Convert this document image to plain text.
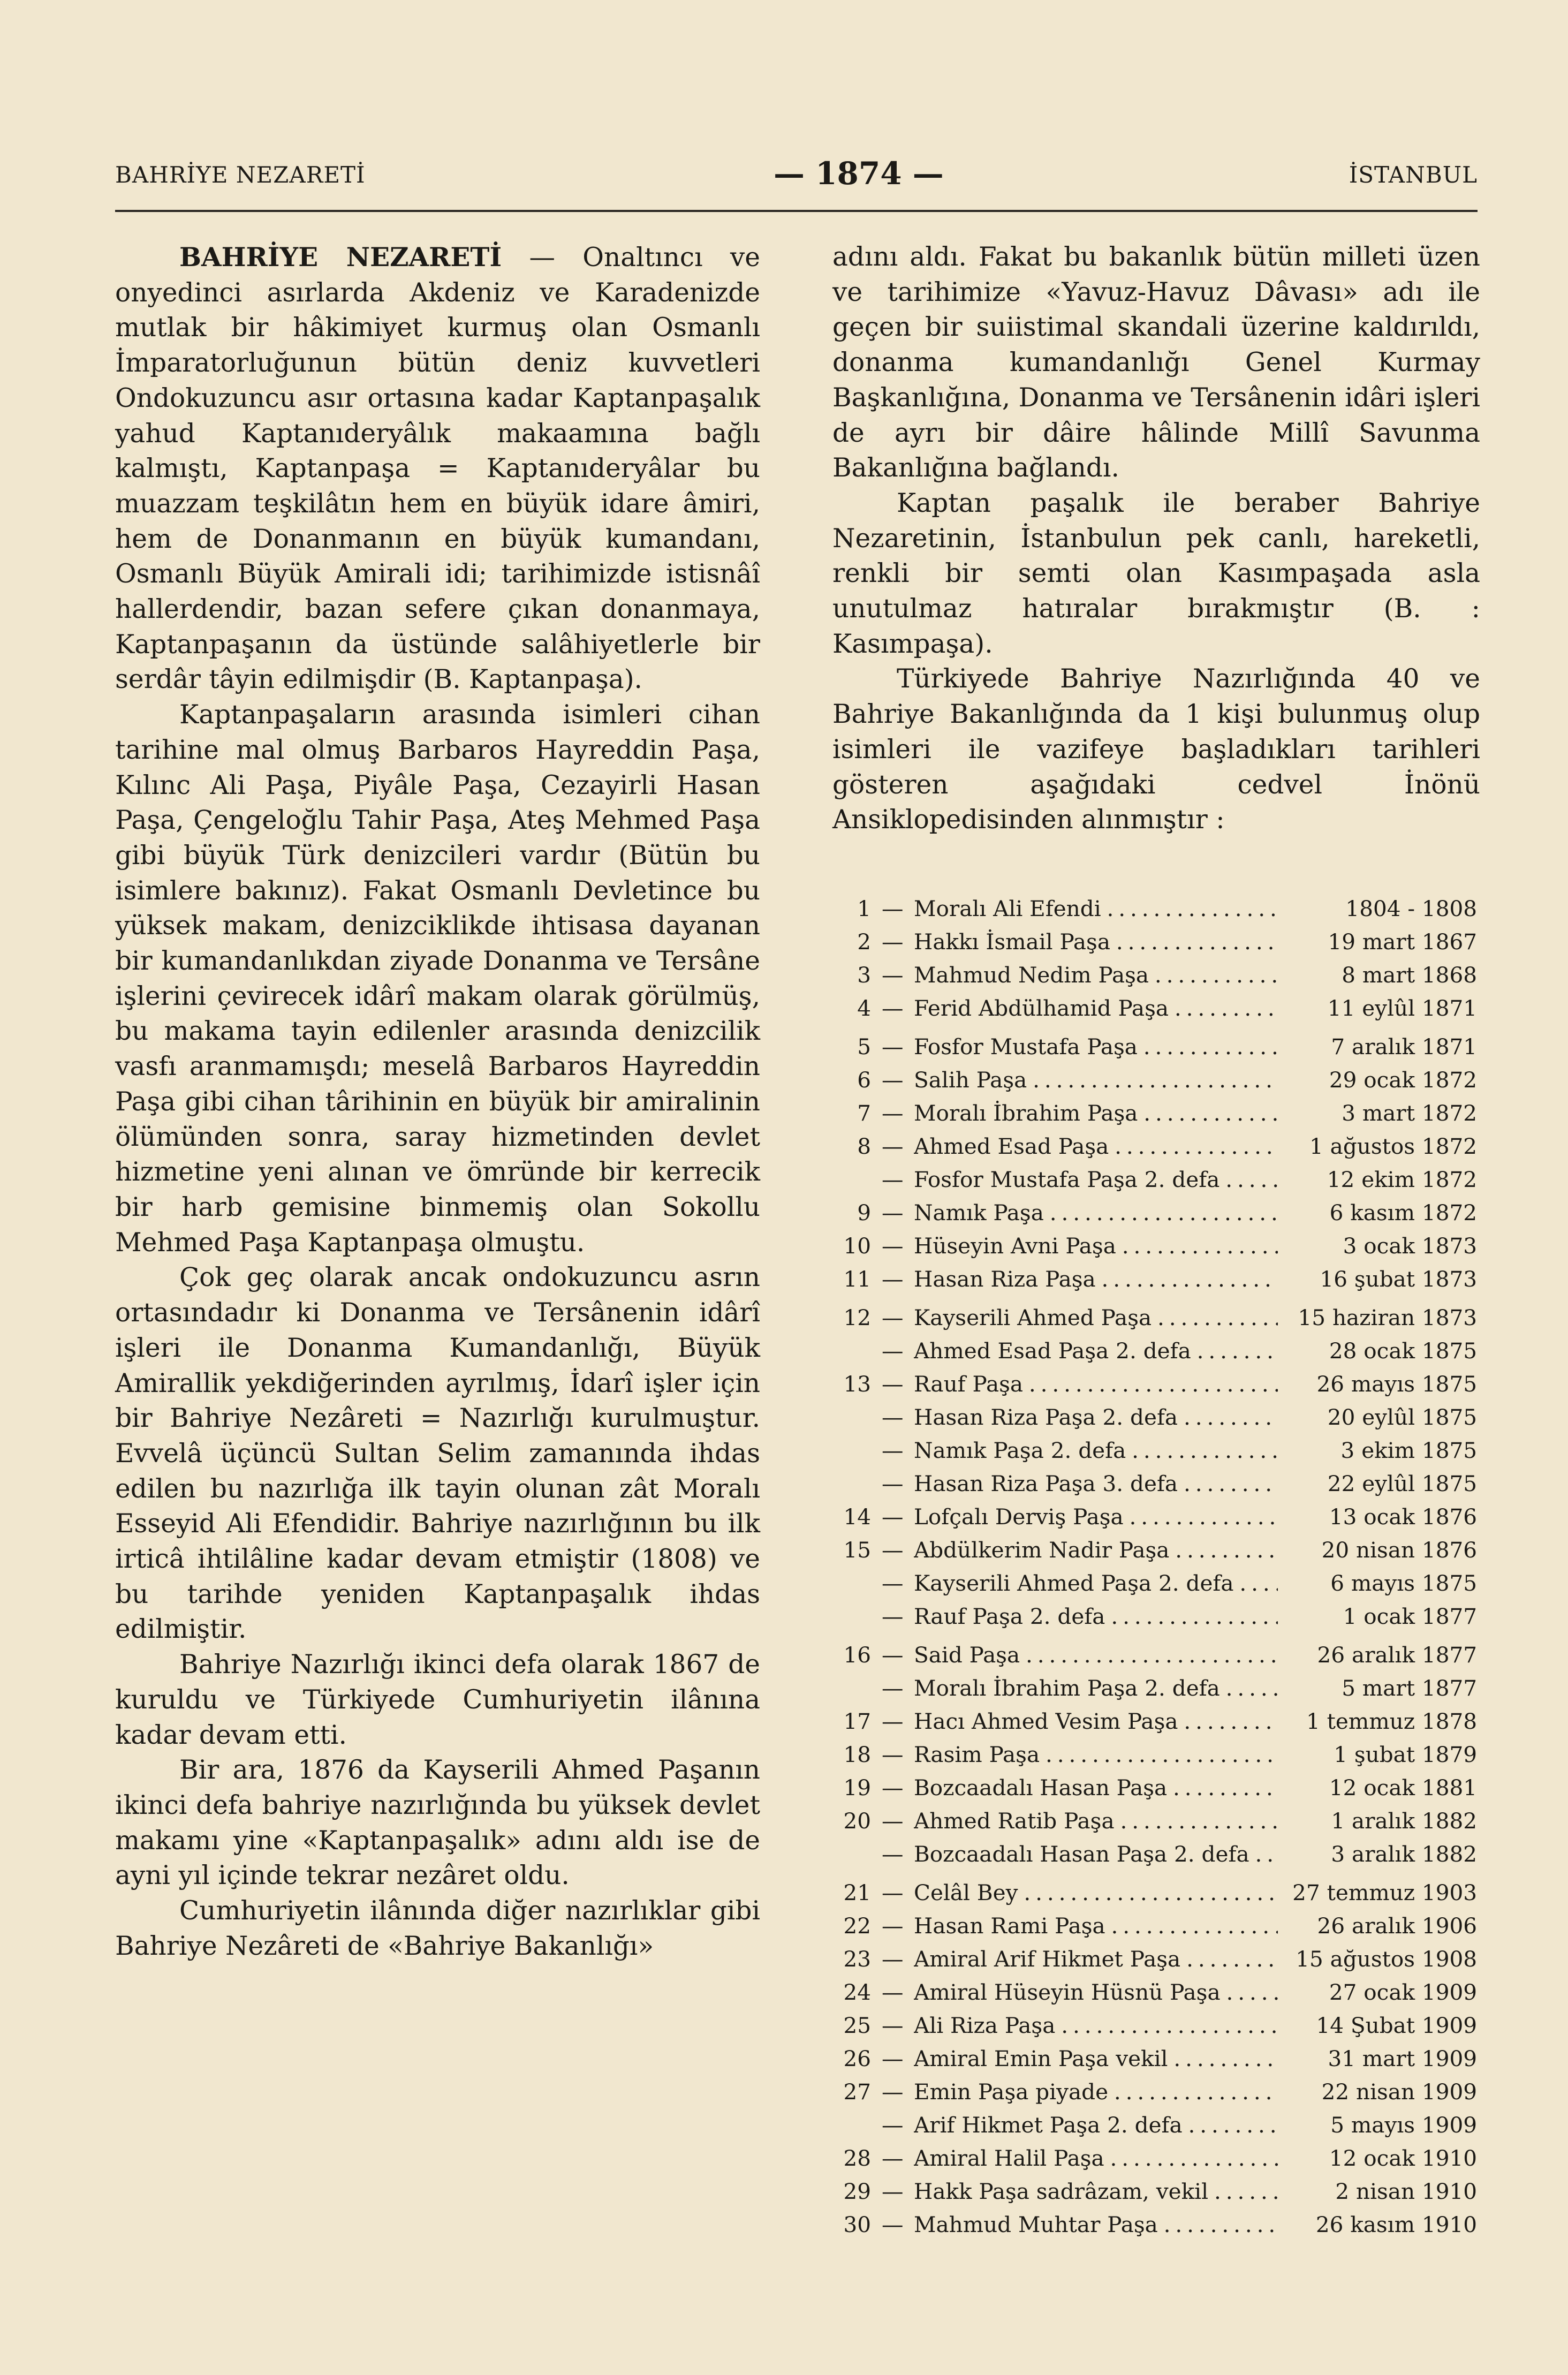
BAHRİYE NEZARETİ	— 1874 —	İSTANBUL

BAHRİYE NEZARETİ — Onaltıncı ve onyedinci asırlarda Akdeniz ve Karadenizde mutlak bir hâkimiyet kurmuş olan Osmanlı İmparatorluğunun bütün deniz kuvvetleri Ondokuzuncu asır ortasına kadar Kaptanpaşalık yahud Kaptanıderyâlık makaamına bağlı kalmıştı, Kaptanpaşa = Kaptanıderyâlar bu muazzam teşkilâtın hem en büyük idare âmiri, hem de Donanmanın en büyük kumandanı, Osmanlı Büyük Amirali idi; tarihimizde istisnâî hallerdendir, bazan sefere çıkan donanmaya, Kaptanpaşanın da üstünde salâhiyetlerle bir serdâr tâyin edilmişdir (B. Kaptanpaşa).

Kaptanpaşaların arasında isimleri cihan tarihine mal olmuş Barbaros Hayreddin Paşa, Kılınc Ali Paşa, Piyâle Paşa, Cezayirli Hasan Paşa, Çengeloğlu Tahir Paşa, Ateş Mehmed Paşa gibi büyük Türk denizcileri vardır (Bütün bu isimlere bakınız). Fakat Osmanlı Devletince bu yüksek makam, denizciklikde ihtisasa dayanan bir kumandanlıkdan ziyade Donanma ve Tersâne işlerini çevirecek idârî makam olarak görülmüş, bu makama tayin edilenler arasında denizcilik vasfı aranmamışdı; meselâ Barbaros Hayreddin Paşa gibi cihan târihinin en büyük bir amiralinin ölümünden sonra, saray hizmetinden devlet hizmetine yeni alınan ve ömründe bir kerrecik bir harb gemisine binmemiş olan Sokollu Mehmed Paşa Kaptanpaşa olmuştu.

Çok geç olarak ancak ondokuzuncu asrın ortasındadır ki Donanma ve Tersânenin idârî işleri ile Donanma Kumandanlığı, Büyük Amirallik yekdiğerinden ayrılmış, İdarî işler için bir Bahriye Nezâreti = Nazırlığı kurulmuştur. Evvelâ üçüncü Sultan Selim zamanında ihdas edilen bu nazırlığa ilk tayin olunan zât Moralı Esseyid Ali Efendidir. Bahriye nazırlığının bu ilk irticâ ihtilâline kadar devam etmiştir (1808) ve bu tarihde yeniden Kaptanpaşalık ihdas edilmiştir.

Bahriye Nazırlığı ikinci defa olarak 1867 de kuruldu ve Türkiyede Cumhuriyetin ilânına kadar devam etti.

Bir ara, 1876 da Kayserili Ahmed Paşanın ikinci defa bahriye nazırlığında bu yüksek devlet makamı yine «Kaptanpaşalık» adını aldı ise de ayni yıl içinde tekrar nezâret oldu.

Cumhuriyetin ilânında diğer nazırlıklar gibi Bahriye Nezâreti de «Bahriye Bakanlığı»

adını aldı. Fakat bu bakanlık bütün milleti üzen ve tarihimize «Yavuz-Havuz Dâvası» adı ile geçen bir suiistimal skandali üzerine kaldırıldı, donanma kumandanlığı Genel Kurmay Başkanlığına, Donanma ve Tersânenin idâri işleri de ayrı bir dâire hâlinde Millî Savunma Bakanlığına bağlandı.

Kaptan paşalık ile beraber Bahriye Nezaretinin, İstanbulun pek canlı, hareketli, renkli bir semti olan Kasımpaşada asla unutulmaz hatıralar bırakmıştır (B. : Kasımpaşa).

Türkiyede Bahriye Nazırlığında 40 ve Bahriye Bakanlığında da 1 kişi bulunmuş olup isimleri ile vazifeye başladıkları tarihleri gösteren aşağıdaki cedvel İnönü Ansiklopedisinden alınmıştır :

1 — Moralı Ali Efendi . . .	1804 - 1808
2 — Hakkı İsmail Paşa . . .	19 mart 1867
3 — Mahmud Nedim Paşa . . .	8 mart 1868
4 — Ferid Abdülhamid Paşa . . .	11 eylûl 1871
5 — Fosfor Mustafa Paşa . . .	7 aralık 1871
6 — Salih Paşa . . .	29 ocak 1872
7 — Moralı İbrahim Paşa . . .	3 mart 1872
8 — Ahmed Esad Paşa . . .	1 ağustos 1872
— Fosfor Mustafa Paşa 2. defa . . .	12 ekim 1872
9 — Namık Paşa . . .	6 kasım 1872
10 — Hüseyin Avni Paşa . . .	3 ocak 1873
11 — Hasan Riza Paşa . . .	16 şubat 1873
12 — Kayserili Ahmed Paşa . . .	15 haziran 1873
— Ahmed Esad Paşa 2. defa . . .	28 ocak 1875
13 — Rauf Paşa . . .	26 mayıs 1875
— Hasan Riza Paşa 2. defa . . .	20 eylûl 1875
— Namık Paşa 2. defa . . .	3 ekim 1875
— Hasan Riza Paşa 3. defa . . .	22 eylûl 1875
14 — Lofçalı Derviş Paşa . . .	13 ocak 1876
15 — Abdülkerim Nadir Paşa . . .	20 nisan 1876
— Kayserili Ahmed Paşa 2. defa . . .	6 mayıs 1875
— Rauf Paşa 2. defa . . .	1 ocak 1877
16 — Said Paşa . . .	26 aralık 1877
— Moralı İbrahim Paşa 2. defa . . .	5 mart 1877
17 — Hacı Ahmed Vesim Paşa . . .	1 temmuz 1878
18 — Rasim Paşa . . .	1 şubat 1879
19 — Bozcaadalı Hasan Paşa . . .	12 ocak 1881
20 — Ahmed Ratib Paşa . . .	1 aralık 1882
— Bozcaadalı Hasan Paşa 2. defa . . .	3 aralık 1882
21 — Celâl Bey . . .	27 temmuz 1903
22 — Hasan Rami Paşa . . .	26 aralık 1906
23 — Amiral Arif Hikmet Paşa . . .	15 ağustos 1908
24 — Amiral Hüseyin Hüsnü Paşa . . .	27 ocak 1909
25 — Ali Riza Paşa . . .	14 Şubat 1909
26 — Amiral Emin Paşa vekil . . .	31 mart 1909
27 — Emin Paşa piyade . . .	22 nisan 1909
— Arif Hikmet Paşa 2. defa . . .	5 mayıs 1909
28 — Amiral Halil Paşa . . .	12 ocak 1910
29 — Hakk Paşa sadrâzam, vekil . . .	2 nisan 1910
30 — Mahmud Muhtar Paşa . . .	26 kasım 1910
